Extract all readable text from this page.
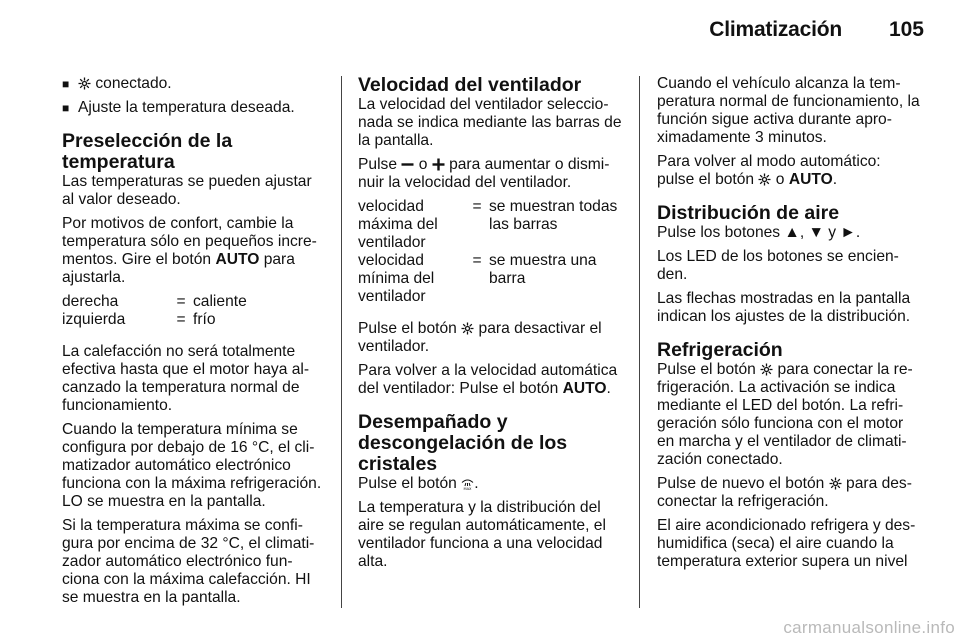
Climatización	105
■	conectado.
■ Ajuste la temperatura deseada.
Preselección de la temperatura

Las temperaturas se pueden ajustar al valor deseado.

Por motivos de confort, cambie la temperatura sólo en pequeños incre-mentos. Gire el botón AUTO para ajustarla.

derecha	=	caliente
izquierda	=	frío

La calefacción no será totalmente efectiva hasta que el motor haya al-canzado la temperatura normal de funcionamiento.

Cuando la temperatura mínima se configura por debajo de 16 °C, el cli-matizador automático electrónico funciona con la máxima refrigeración. LO se muestra en la pantalla.

Si la temperatura máxima se confi-gura por encima de 32 °C, el climati-zador automático electrónico fun-ciona con la máxima calefacción. HI se muestra en la pantalla.

Velocidad del ventilador

La velocidad del ventilador seleccio-nada se indica mediante las barras de la pantalla.

Pulse o para aumentar o dismi-nuir la velocidad del ventilador.

velocidad máxima del ventilador	=	se muestran todas las barras
velocidad mínima del ventilador	=	se muestra una barra

Pulse el botón para desactivar el ventilador.

Para volver a la velocidad automática del ventilador: Pulse el botón AUTO.

Desempañado y descongelación de los cristales

Pulse el botón MAX .

La temperatura y la distribución del aire se regulan automáticamente, el ventilador funciona a una velocidad alta.

Cuando el vehículo alcanza la tem-peratura normal de funcionamiento, la función sigue activa durante apro-ximadamente 3 minutos.

Para volver al modo automático: pulse el botón o AUTO.

Distribución de aire

Pulse los botones ▲, ▼ y ►.

Los LED de los botones se encien-den.

Las flechas mostradas en la pantalla indican los ajustes de la distribución.

Refrigeración

Pulse el botón para conectar la re-frigeración. La activación se indica mediante el LED del botón. La refri-geración sólo funciona con el motor en marcha y el ventilador de climati-zación conectado.

Pulse de nuevo el botón para des-conectar la refrigeración.

El aire acondicionado refrigera y des-humidifica (seca) el aire cuando la temperatura exterior supera un nivel

carmanualsonline.info
